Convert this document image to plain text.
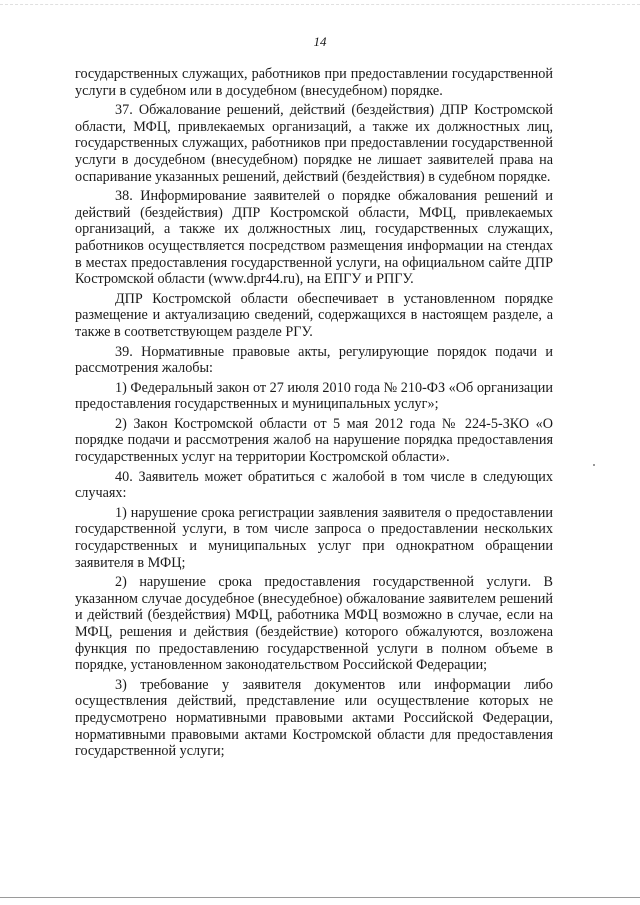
14

государственных служащих, работников при предоставлении государственной услуги в судебном или в досудебном (внесудебном) порядке.

37. Обжалование решений, действий (бездействия) ДПР Костромской области, МФЦ, привлекаемых организаций, а также их должностных лиц, государственных служащих, работников при предоставлении государственной услуги в досудебном (внесудебном) порядке не лишает заявителей права на оспаривание указанных решений, действий (бездействия) в судебном порядке.

38. Информирование заявителей о порядке обжалования решений и действий (бездействия) ДПР Костромской области, МФЦ, привлекаемых организаций, а также их должностных лиц, государственных служащих, работников осуществляется посредством размещения информации на стендах в местах предоставления государственной услуги, на официальном сайте ДПР Костромской области (www.dpr44.ru), на ЕПГУ и РПГУ.

ДПР Костромской области обеспечивает в установленном порядке размещение и актуализацию сведений, содержащихся в настоящем разделе, а также в соответствующем разделе РГУ.

39. Нормативные правовые акты, регулирующие порядок подачи и рассмотрения жалобы:

1) Федеральный закон от 27 июля 2010 года № 210-ФЗ «Об организации предоставления государственных и муниципальных услуг»;

2) Закон Костромской области от 5 мая 2012 года № 224-5-ЗКО «О порядке подачи и рассмотрения жалоб на нарушение порядка предоставления государственных услуг на территории Костромской области».

40. Заявитель может обратиться с жалобой в том числе в следующих случаях:

1) нарушение срока регистрации заявления заявителя о предоставлении государственной услуги, в том числе запроса о предоставлении нескольких государственных и муниципальных услуг при однократном обращении заявителя в МФЦ;

2) нарушение срока предоставления государственной услуги. В указанном случае досудебное (внесудебное) обжалование заявителем решений и действий (бездействия) МФЦ, работника МФЦ возможно в случае, если на МФЦ, решения и действия (бездействие) которого обжалуются, возложена функция по предоставлению государственной услуги в полном объеме в порядке, установленном законодательством Российской Федерации;

3) требование у заявителя документов или информации либо осуществления действий, представление или осуществление которых не предусмотрено нормативными правовыми актами Российской Федерации, нормативными правовыми актами Костромской области для предоставления государственной услуги;
